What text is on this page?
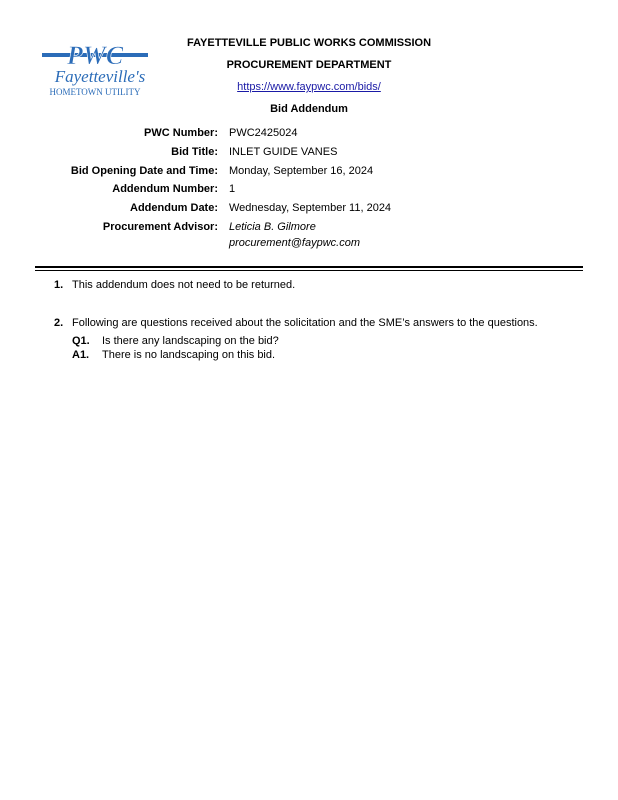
PWC
Fayetteville's
HOMETOWN UTILITY
FAYETTEVILLE PUBLIC WORKS COMMISSION
PROCUREMENT DEPARTMENT
https://www.faypwc.com/bids/
Bid Addendum
PWC Number: PWC2425024
Bid Title: INLET GUIDE VANES
Bid Opening Date and Time: Monday, September 16, 2024
Addendum Number: 1
Addendum Date: Wednesday, September 11, 2024
Procurement Advisor: Leticia B. Gilmore
procurement@faypwc.com
1. This addendum does not need to be returned.
2. Following are questions received about the solicitation and the SME’s answers to the questions.
Q1. Is there any landscaping on the bid?
A1. There is no landscaping on this bid.
